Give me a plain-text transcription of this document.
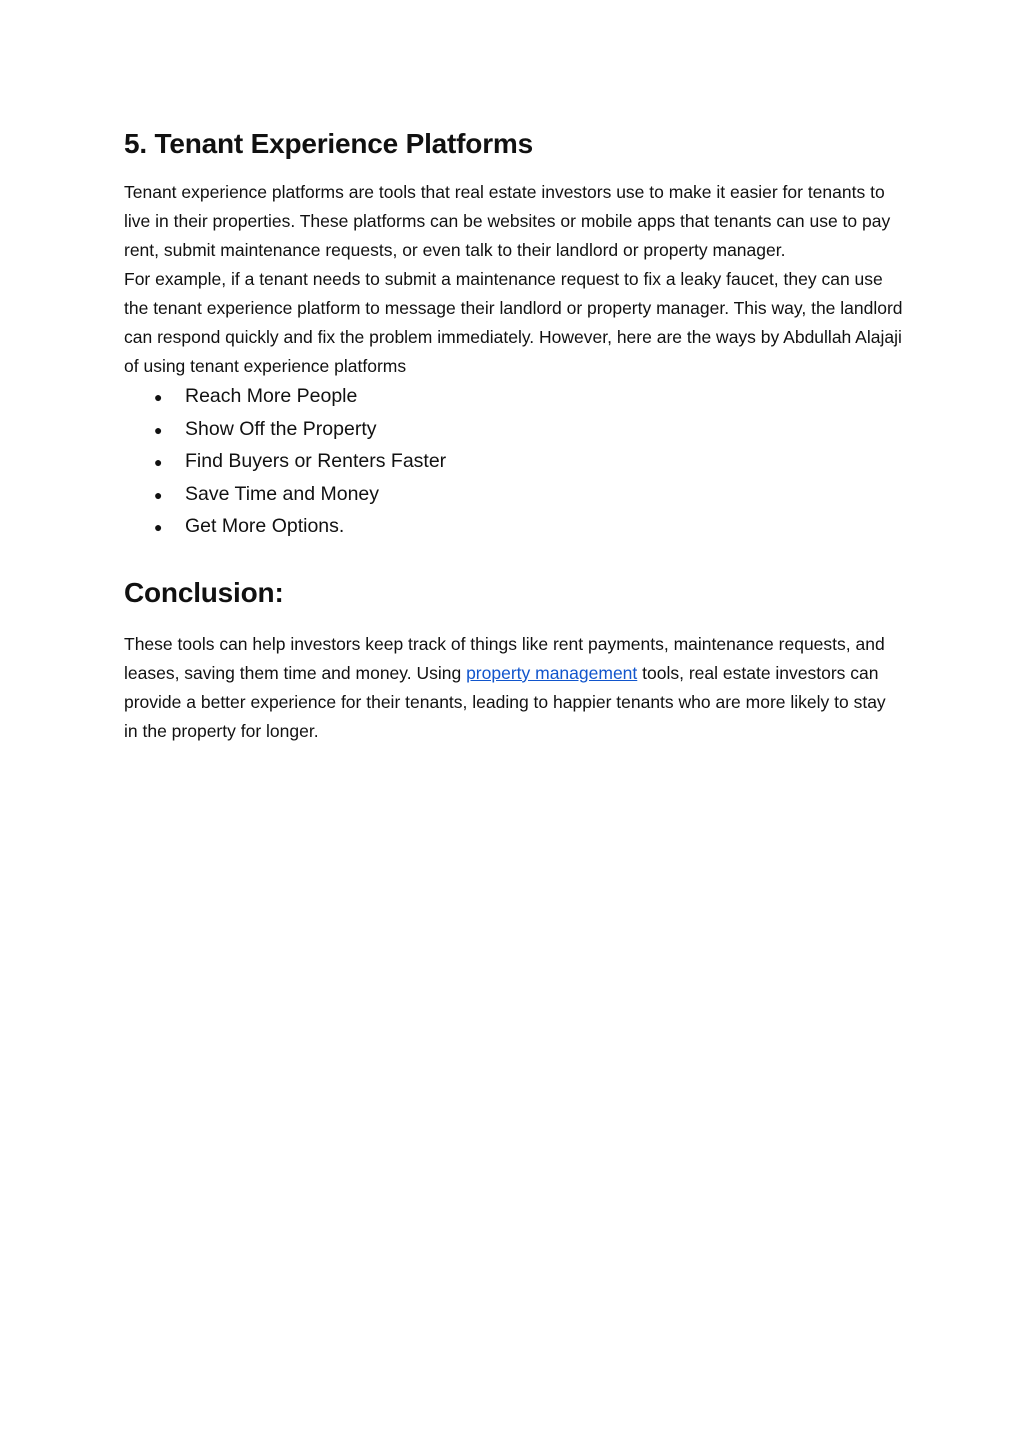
5. Tenant Experience Platforms

Tenant experience platforms are tools that real estate investors use to make it easier for tenants to live in their properties. These platforms can be websites or mobile apps that tenants can use to pay rent, submit maintenance requests, or even talk to their landlord or property manager.

For example, if a tenant needs to submit a maintenance request to fix a leaky faucet, they can use the tenant experience platform to message their landlord or property manager. This way, the landlord can respond quickly and fix the problem immediately. However, here are the ways by Abdullah Alajaji of using tenant experience platforms

●	Reach More People
●	Show Off the Property
●	Find Buyers or Renters Faster
●	Save Time and Money
●	Get More Options.
Conclusion:

These tools can help investors keep track of things like rent payments, maintenance requests, and leases, saving them time and money. Using property management tools, real estate investors can provide a better experience for their tenants, leading to happier tenants who are more likely to stay in the property for longer.
